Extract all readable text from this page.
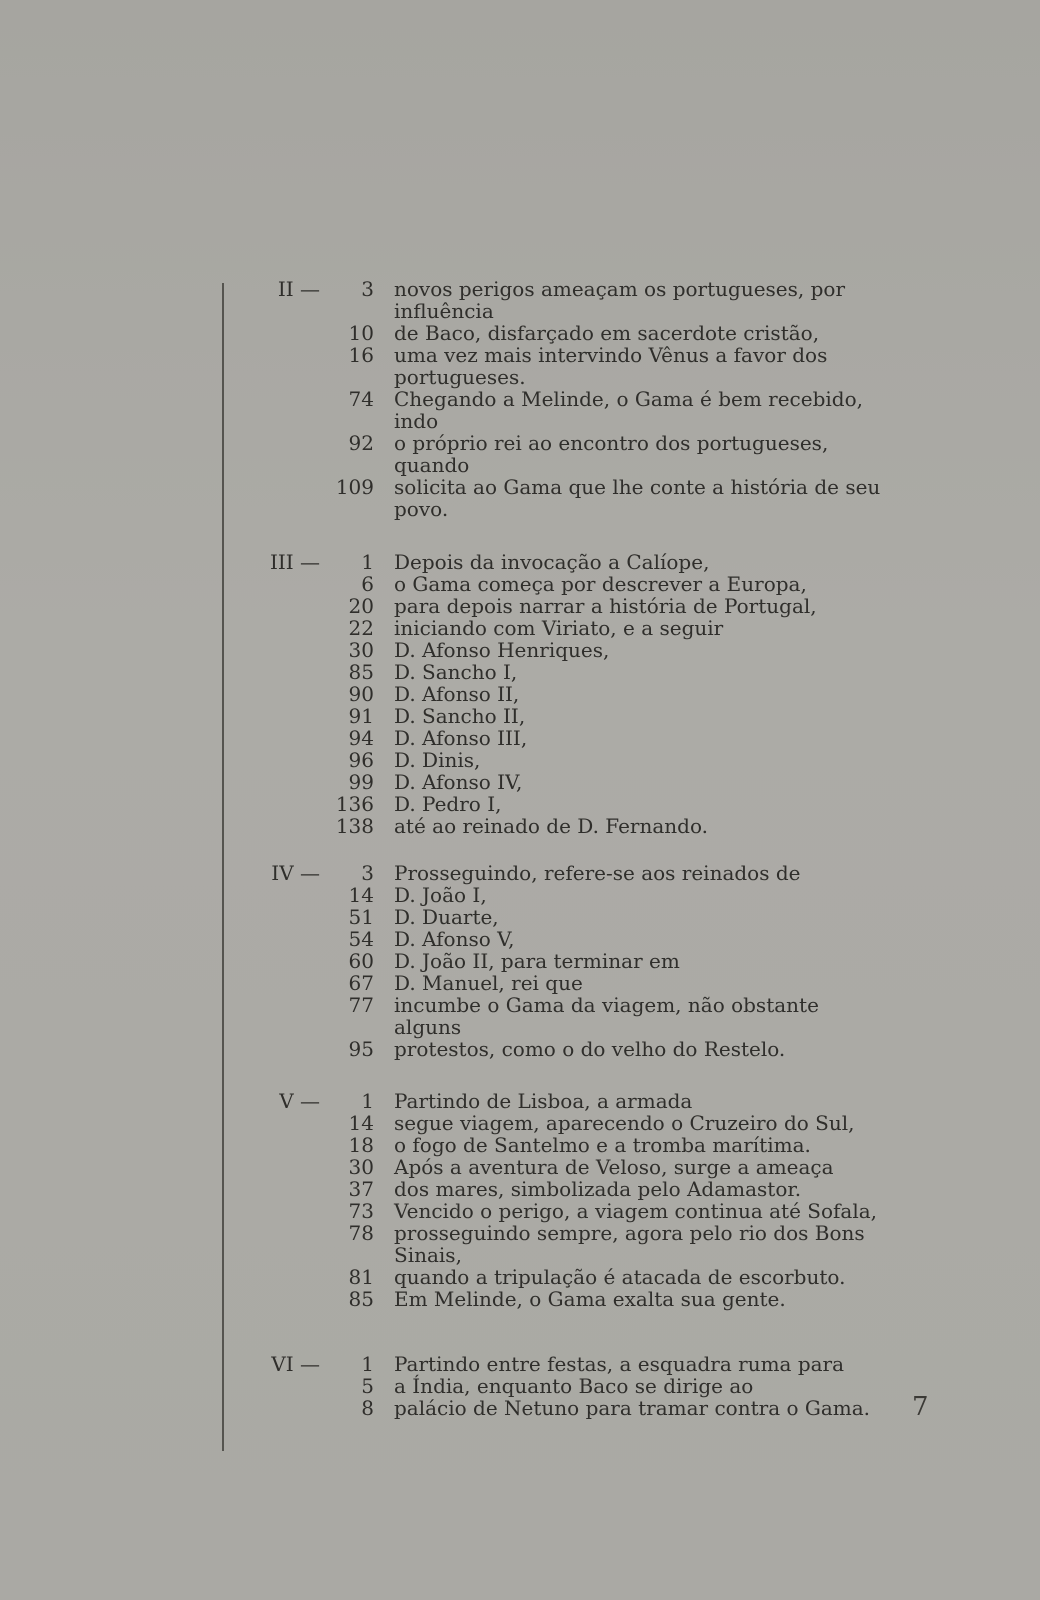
II —	3	novos perigos ameaçam os portugueses, por influência
10	de Baco, disfarçado em sacerdote cristão,
16	uma vez mais intervindo Vênus a favor dos portugueses.
74	Chegando a Melinde, o Gama é bem recebido, indo
92	o próprio rei ao encontro dos portugueses, quando
109	solicita ao Gama que lhe conte a história de seu povo.
III —	1	Depois da invocação a Calíope,
6	o Gama começa por descrever a Europa,
20	para depois narrar a história de Portugal,
22	iniciando com Viriato, e a seguir
30	D. Afonso Henriques,
85	D. Sancho I,
90	D. Afonso II,
91	D. Sancho II,
94	D. Afonso III,
96	D. Dinis,
99	D. Afonso IV,
136	D. Pedro I,
138	até ao reinado de D. Fernando.
IV —	3	Prosseguindo, refere-se aos reinados de
14	D. João I,
51	D. Duarte,
54	D. Afonso V,
60	D. João II, para terminar em
67	D. Manuel, rei que
77	incumbe o Gama da viagem, não obstante alguns
95	protestos, como o do velho do Restelo.
V —	1	Partindo de Lisboa, a armada
14	segue viagem, aparecendo o Cruzeiro do Sul,
18	o fogo de Santelmo e a tromba marítima.
30	Após a aventura de Veloso, surge a ameaça
37	dos mares, simbolizada pelo Adamastor.
73	Vencido o perigo, a viagem continua até Sofala,
78	prosseguindo sempre, agora pelo rio dos Bons Sinais,
81	quando a tripulação é atacada de escorbuto.
85	Em Melinde, o Gama exalta sua gente.
VI —	1	Partindo entre festas, a esquadra ruma para
5	a Índia, enquanto Baco se dirige ao
8	palácio de Netuno para tramar contra o Gama.	7
